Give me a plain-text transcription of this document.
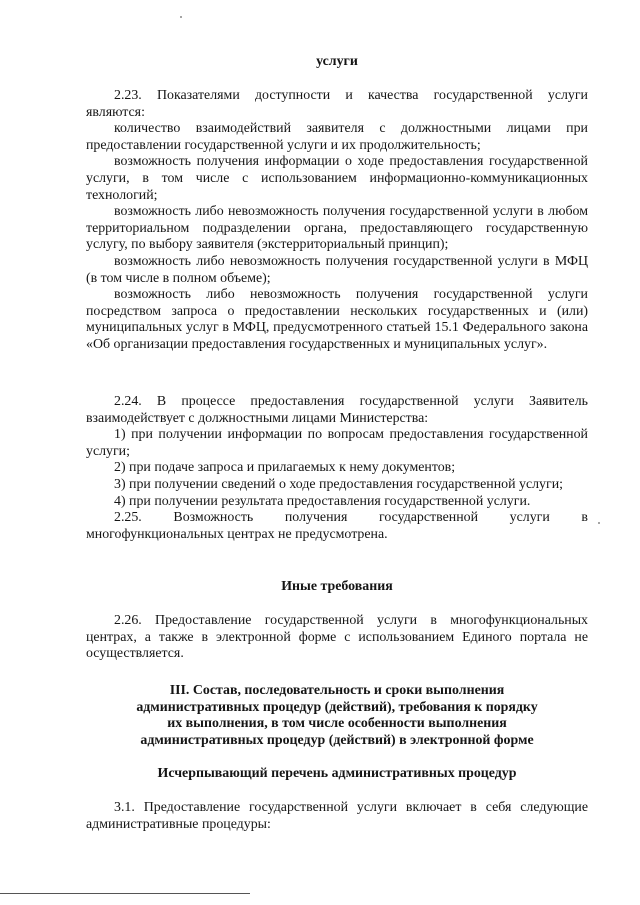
услуги
2.23. Показателями доступности и качества государственной услуги
являются:

количество взаимодействий заявителя с должностными лицами при предоставлении государственной услуги и их продолжительность;

возможность получения информации о ходе предоставления государственной услуги, в том числе с использованием информационно-коммуникационных технологий;

возможность либо невозможность получения государственной услуги в любом территориальном подразделении органа, предоставляющего государственную услугу, по выбору заявителя (экстерриториальный принцип);

возможность либо невозможность получения государственной услуги в МФЦ (в том числе в полном объеме);

возможность либо невозможность получения государственной услуги посредством запроса о предоставлении нескольких государственных и (или) муниципальных услуг в МФЦ, предусмотренного статьей 15.1 Федерального закона «Об организации предоставления государственных и муниципальных услуг».

2.24. В процессе предоставления государственной услуги Заявитель взаимодействует с должностными лицами Министерства:

1) при получении информации по вопросам предоставления государственной услуги;

2) при подаче запроса и прилагаемых к нему документов;

3) при получении сведений о ходе предоставления государственной услуги;

4) при получении результата предоставления государственной услуги.

2.25. Возможность получения государственной услуги в многофункциональных центрах не предусмотрена.

Иные требования

2.26. Предоставление государственной услуги в многофункциональных центрах, а также в электронной форме с использованием Единого портала не осуществляется.

III. Состав, последовательность и сроки выполнения
административных процедур (действий), требования к порядку
их выполнения, в том числе особенности выполнения
административных процедур (действий) в электронной форме
Исчерпывающий перечень административных процедур

3.1. Предоставление государственной услуги включает в себя следующие административные процедуры:
